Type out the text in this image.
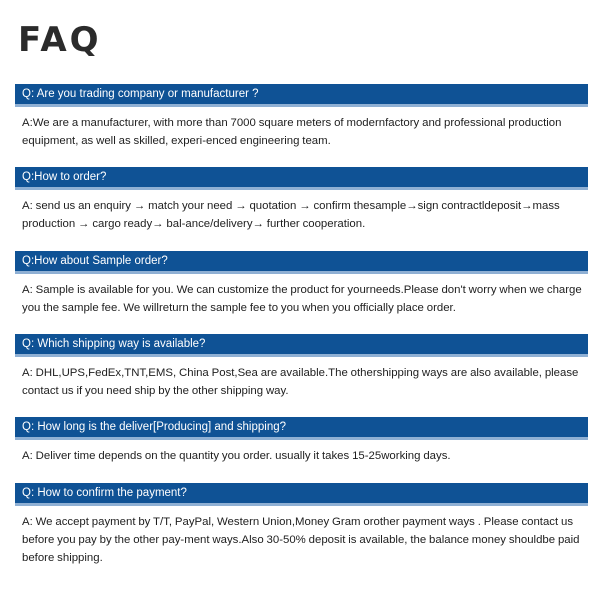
FAQ
Q: Are you trading company or manufacturer ?

A:We are a manufacturer, with more than 7000 square meters of modernfactory and professional production equipment, as well as skilled, experi-enced engineering team.

Q:How to order?

A: send us an enquiry → match your need → quotation → confirm thesample→sign contractldeposit→mass production → cargo ready→ bal-ance/delivery→ further cooperation.

Q:How about Sample order?

A: Sample is available for you. We can customize the product for yourneeds.Please don't worry when we charge you the sample fee. We willreturn the sample fee to you when you officially place order.

Q: Which shipping way is available?

A: DHL,UPS,FedEx,TNT,EMS, China Post,Sea are available.The othershipping ways are also available, please contact us if you need ship by the other shipping way.

Q: How long is the deliver[Producing] and shipping?

A: Deliver time depends on the quantity you order. usually it takes 15-25working days.

Q: How to confirm the payment?

A: We accept payment by T/T, PayPal, Western Union,Money Gram orother payment ways . Please contact us before you pay by the other pay-ment ways.Also 30-50% deposit is available, the balance money shouldbe paid before shipping.
